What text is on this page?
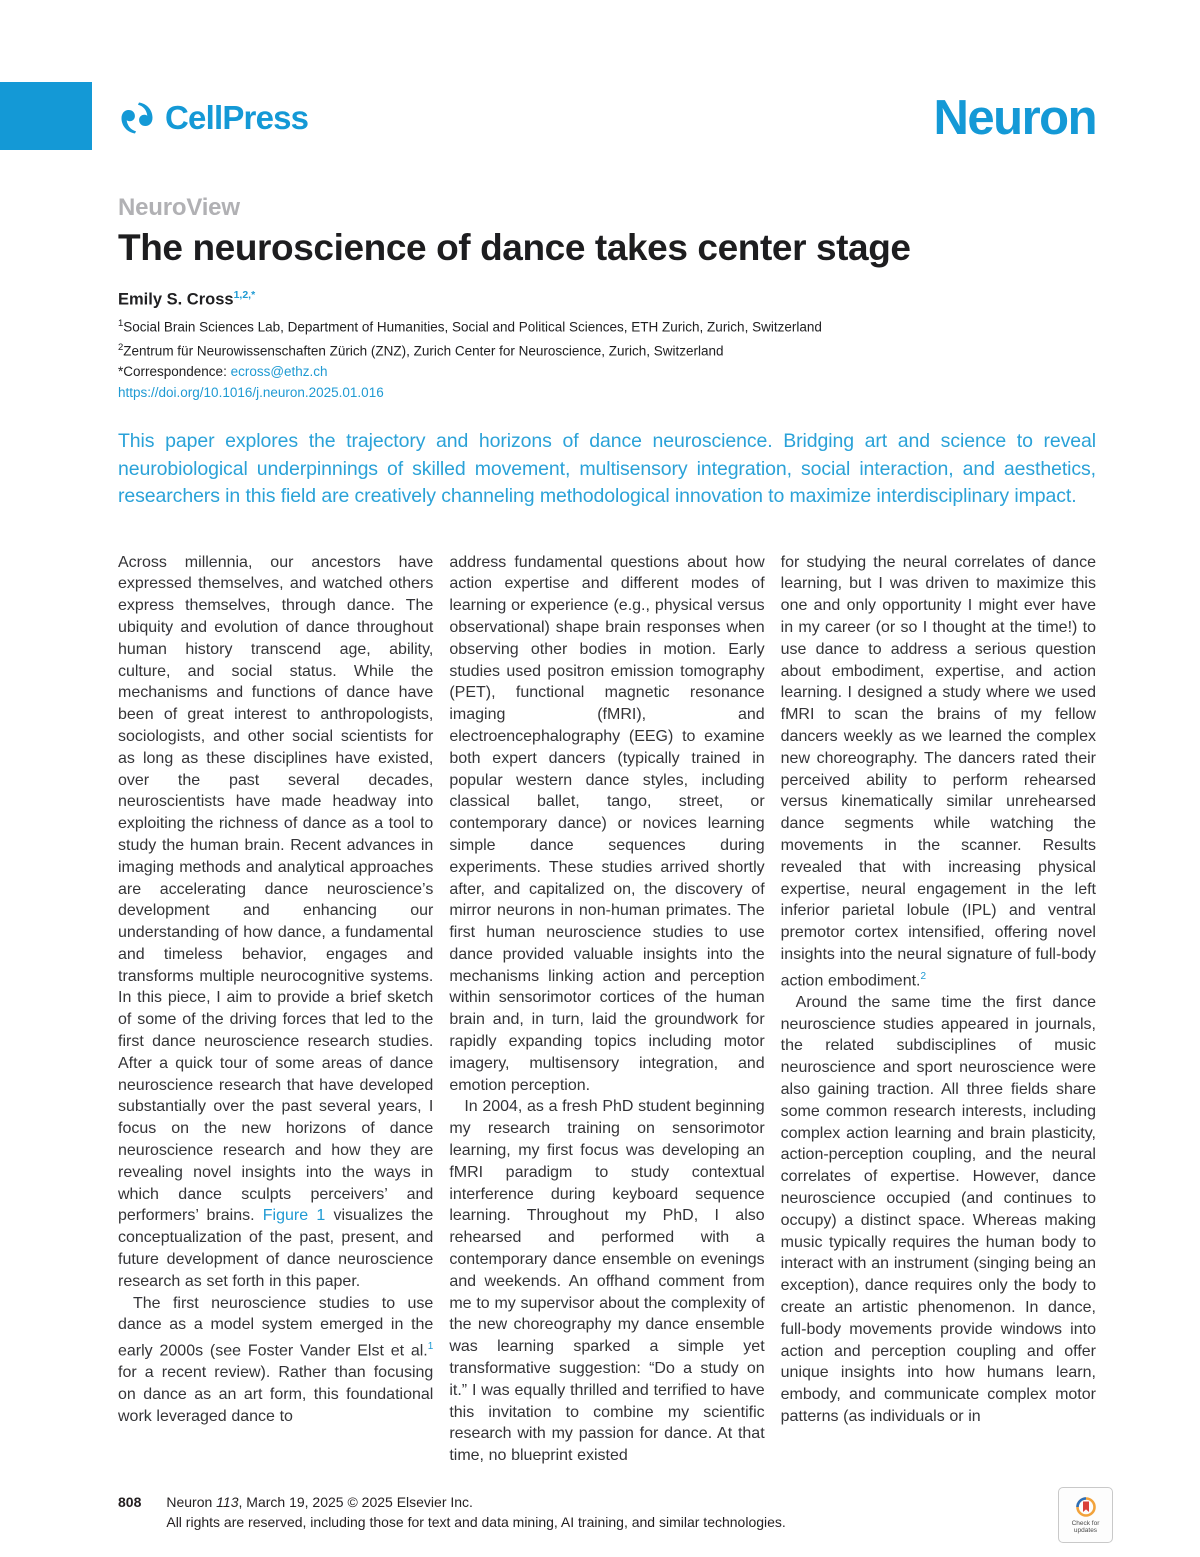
CellPress	Neuron
NeuroView
The neuroscience of dance takes center stage
Emily S. Cross$^{1,2,*}$
$^1$Social Brain Sciences Lab, Department of Humanities, Social and Political Sciences, ETH Zurich, Zurich, Switzerland
$^2$Zentrum für Neurowissenschaften Zürich (ZNZ), Zurich Center for Neuroscience, Zurich, Switzerland
*Correspondence: ecross@ethz.ch
https://doi.org/10.1016/j.neuron.2025.01.016
This paper explores the trajectory and horizons of dance neuroscience. Bridging art and science to reveal neurobiological underpinnings of skilled movement, multisensory integration, social interaction, and aesthetics, researchers in this field are creatively channeling methodological innovation to maximize interdisciplinary impact.

Across millennia, our ancestors have expressed themselves, and watched others express themselves, through dance. The ubiquity and evolution of dance throughout human history transcend age, ability, culture, and social status. While the mechanisms and functions of dance have been of great interest to anthropologists, sociologists, and other social scientists for as long as these disciplines have existed, over the past several decades, neuroscientists have made headway into exploiting the richness of dance as a tool to study the human brain. Recent advances in imaging methods and analytical approaches are accelerating dance neuroscience’s development and enhancing our understanding of how dance, a fundamental and timeless behavior, engages and transforms multiple neurocognitive systems. In this piece, I aim to provide a brief sketch of some of the driving forces that led to the first dance neuroscience research studies. After a quick tour of some areas of dance neuroscience research that have developed substantially over the past several years, I focus on the new horizons of dance neuroscience research and how they are revealing novel insights into the ways in which dance sculpts perceivers’ and performers’ brains. Figure 1 visualizes the conceptualization of the past, present, and future development of dance neuroscience research as set forth in this paper.

The first neuroscience studies to use dance as a model system emerged in the early 2000s (see Foster Vander Elst et al.$^1$ for a recent review). Rather than focusing on dance as an art form, this foundational work leveraged dance to

address fundamental questions about how action expertise and different modes of learning or experience (e.g., physical versus observational) shape brain responses when observing other bodies in motion. Early studies used positron emission tomography (PET), functional magnetic resonance imaging (fMRI), and electroencephalography (EEG) to examine both expert dancers (typically trained in popular western dance styles, including classical ballet, tango, street, or contemporary dance) or novices learning simple dance sequences during experiments. These studies arrived shortly after, and capitalized on, the discovery of mirror neurons in non-human primates. The first human neuroscience studies to use dance provided valuable insights into the mechanisms linking action and perception within sensorimotor cortices of the human brain and, in turn, laid the groundwork for rapidly expanding topics including motor imagery, multisensory integration, and emotion perception.

In 2004, as a fresh PhD student beginning my research training on sensorimotor learning, my first focus was developing an fMRI paradigm to study contextual interference during keyboard sequence learning. Throughout my PhD, I also rehearsed and performed with a contemporary dance ensemble on evenings and weekends. An offhand comment from me to my supervisor about the complexity of the new choreography my dance ensemble was learning sparked a simple yet transformative suggestion: “Do a study on it.” I was equally thrilled and terrified to have this invitation to combine my scientific research with my passion for dance. At that time, no blueprint existed

for studying the neural correlates of dance learning, but I was driven to maximize this one and only opportunity I might ever have in my career (or so I thought at the time!) to use dance to address a serious question about embodiment, expertise, and action learning. I designed a study where we used fMRI to scan the brains of my fellow dancers weekly as we learned the complex new choreography. The dancers rated their perceived ability to perform rehearsed versus kinematically similar unrehearsed dance segments while watching the movements in the scanner. Results revealed that with increasing physical expertise, neural engagement in the left inferior parietal lobule (IPL) and ventral premotor cortex intensified, offering novel insights into the neural signature of full-body action embodiment.$^2$

Around the same time the first dance neuroscience studies appeared in journals, the related subdisciplines of music neuroscience and sport neuroscience were also gaining traction. All three fields share some common research interests, including complex action learning and brain plasticity, action-perception coupling, and the neural correlates of expertise. However, dance neuroscience occupied (and continues to occupy) a distinct space. Whereas making music typically requires the human body to interact with an instrument (singing being an exception), dance requires only the body to create an artistic phenomenon. In dance, full-body movements provide windows into action and perception coupling and offer unique insights into how humans learn, embody, and communicate complex motor patterns (as individuals or in

808 Neuron 113, March 19, 2025 © 2025 Elsevier Inc.
All rights are reserved, including those for text and data mining, AI training, and similar technologies.	Check for updates
